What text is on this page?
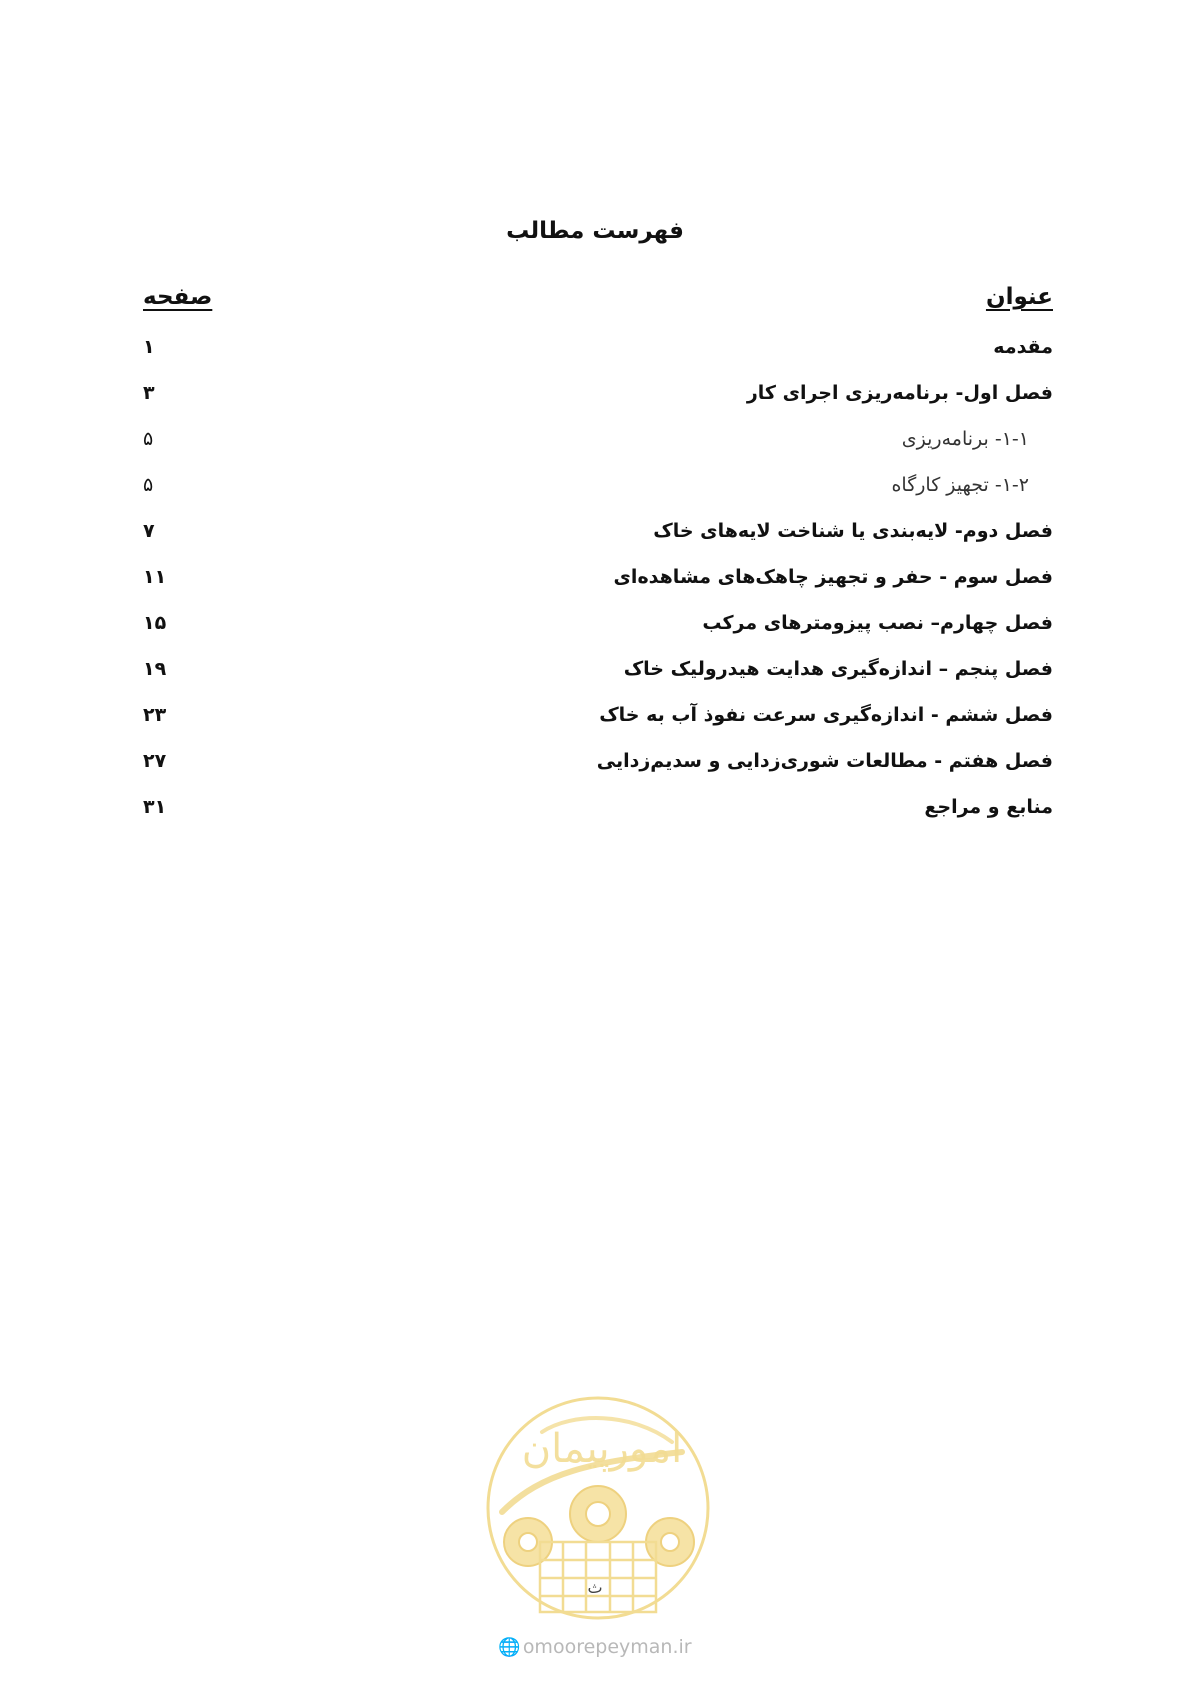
فهرست مطالب
عنوان
صفحه
مقدمه
۱
فصل اول- برنامه‌ریزی اجرای کار
۳
۱-۱- برنامه‌ریزی
۵
۱-۲- تجهیز کارگاه
۵
فصل دوم- لایه‌بندی یا شناخت لایه‌های خاک
۷
فصل سوم - حفر و تجهیز چاهک‌های مشاهده‌ای
۱۱
فصل چهارم– نصب پیزومترهای مرکب
۱۵
فصل پنجم – اندازه‌گیری هدایت هیدرولیک خاک
۱۹
فصل ششم - اندازه‌گیری سرعت نفوذ آب به خاک
۲۳
فصل هفتم - مطالعات شوری‌زدایی و سدیم‌زدایی
۲۷
منابع و مراجع
۳۱
امورپیمان
ث
🌐 omoorepeyman.ir
